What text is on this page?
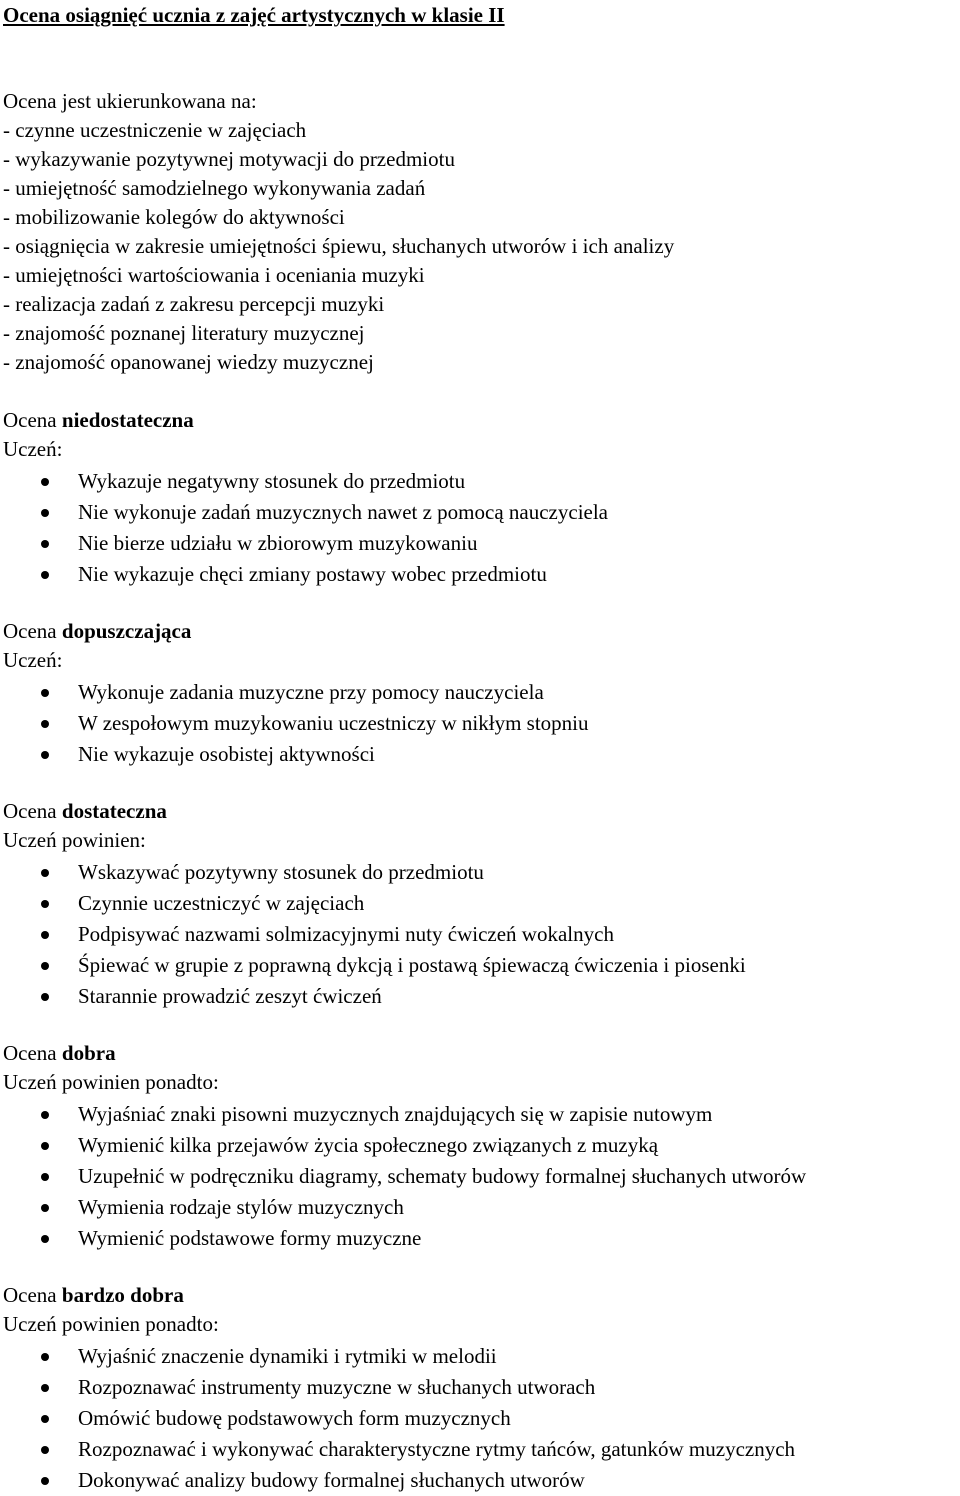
Ocena osiągnięć ucznia z zajęć artystycznych w klasie II
Ocena jest ukierunkowana na:
- czynne uczestniczenie w zajęciach
- wykazywanie pozytywnej motywacji do przedmiotu
- umiejętność samodzielnego wykonywania zadań
- mobilizowanie kolegów do aktywności
- osiągnięcia w zakresie umiejętności śpiewu, słuchanych utworów i ich analizy
- umiejętności wartościowania i oceniania muzyki
- realizacja zadań z zakresu percepcji muzyki
- znajomość poznanej literatury muzycznej
- znajomość opanowanej wiedzy muzycznej
Ocena niedostateczna
Uczeń:
Wykazuje negatywny stosunek do przedmiotu
Nie wykonuje zadań muzycznych nawet z pomocą nauczyciela
Nie bierze udziału w zbiorowym muzykowaniu
Nie wykazuje chęci zmiany postawy wobec przedmiotu
Ocena dopuszczająca
Uczeń:
Wykonuje zadania muzyczne przy pomocy nauczyciela
W zespołowym muzykowaniu uczestniczy w nikłym stopniu
Nie wykazuje osobistej aktywności
Ocena dostateczna
Uczeń powinien:
Wskazywać pozytywny stosunek do przedmiotu
Czynnie uczestniczyć w zajęciach
Podpisywać nazwami solmizacyjnymi nuty ćwiczeń wokalnych
Śpiewać w grupie z poprawną dykcją i postawą śpiewaczą ćwiczenia i piosenki
Starannie prowadzić zeszyt ćwiczeń
Ocena dobra
Uczeń powinien ponadto:
Wyjaśniać znaki pisowni muzycznych znajdujących się w zapisie nutowym
Wymienić kilka przejawów życia społecznego związanych z muzyką
Uzupełnić w podręczniku diagramy, schematy budowy formalnej słuchanych utworów
Wymienia rodzaje stylów muzycznych
Wymienić podstawowe formy muzyczne
Ocena bardzo dobra
Uczeń powinien ponadto:
Wyjaśnić znaczenie dynamiki i rytmiki w melodii
Rozpoznawać instrumenty muzyczne w słuchanych utworach
Omówić budowę podstawowych form muzycznych
Rozpoznawać i wykonywać charakterystyczne rytmy tańców, gatunków muzycznych
Dokonywać analizy budowy formalnej słuchanych utworów
